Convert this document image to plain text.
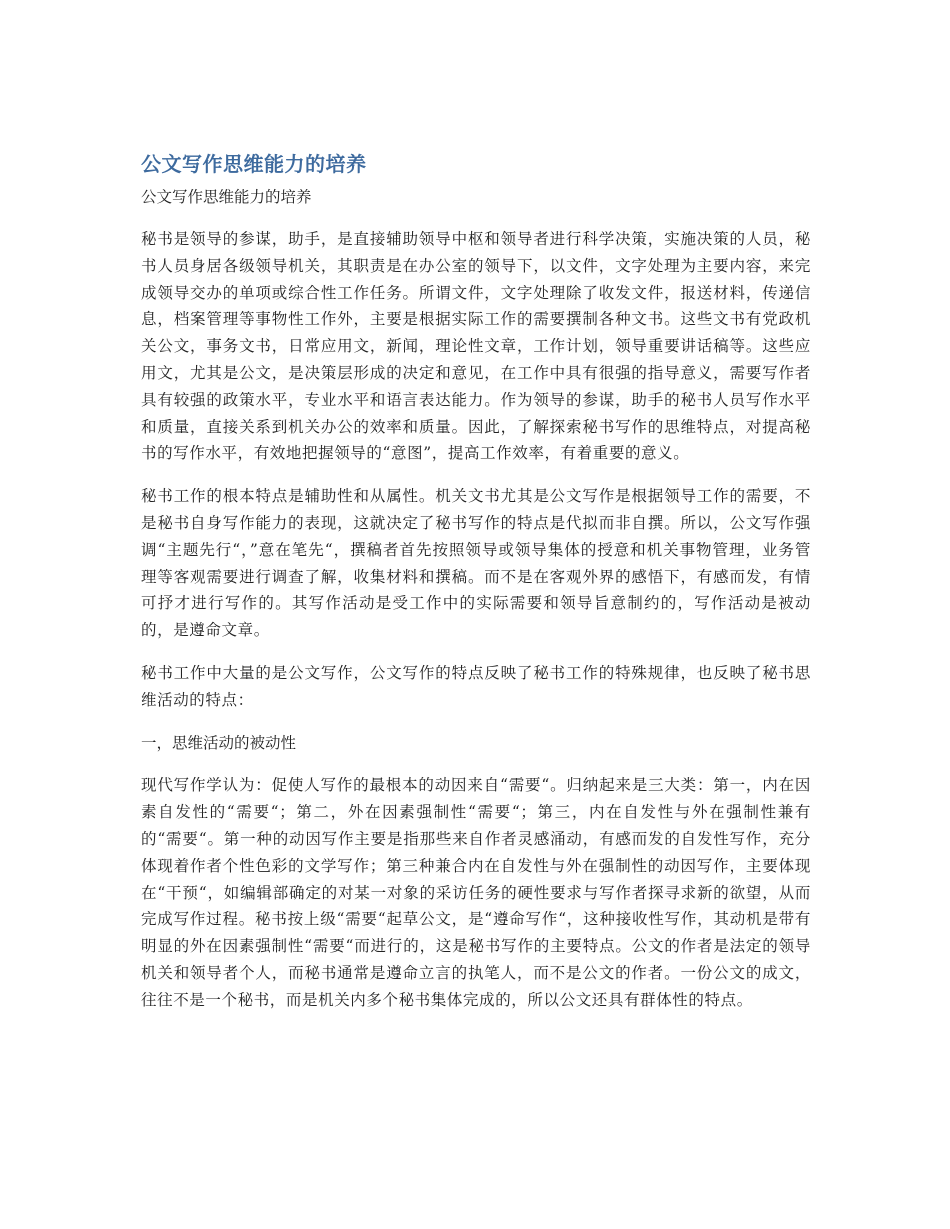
公文写作思维能力的培养

公文写作思维能力的培养

秘书是领导的参谋，助手，是直接辅助领导中枢和领导者进行科学决策，实施决策的人员，秘书人员身居各级领导机关，其职责是在办公室的领导下，以文件，文字处理为主要内容，来完成领导交办的单项或综合性工作任务。所谓文件，文字处理除了收发文件，报送材料，传递信息，档案管理等事物性工作外，主要是根据实际工作的需要撰制各种文书。这些文书有党政机关公文，事务文书，日常应用文，新闻，理论性文章，工作计划，领导重要讲话稿等。这些应用文，尤其是公文，是决策层形成的决定和意见，在工作中具有很强的指导意义，需要写作者具有较强的政策水平，专业水平和语言表达能力。作为领导的参谋，助手的秘书人员写作水平和质量，直接关系到机关办公的效率和质量。因此，了解探索秘书写作的思维特点，对提高秘书的写作水平，有效地把握领导的“意图”，提高工作效率，有着重要的意义。

秘书工作的根本特点是辅助性和从属性。机关文书尤其是公文写作是根据领导工作的需要，不是秘书自身写作能力的表现，这就决定了秘书写作的特点是代拟而非自撰。所以，公文写作强调“主题先行“，”意在笔先“，撰稿者首先按照领导或领导集体的授意和机关事物管理，业务管理等客观需要进行调查了解，收集材料和撰稿。而不是在客观外界的感悟下，有感而发，有情可抒才进行写作的。其写作活动是受工作中的实际需要和领导旨意制约的，写作活动是被动的，是遵命文章。

秘书工作中大量的是公文写作，公文写作的特点反映了秘书工作的特殊规律，也反映了秘书思维活动的特点：

一，思维活动的被动性

现代写作学认为：促使人写作的最根本的动因来自“需要“。归纳起来是三大类：第一，内在因素自发性的“需要“；第二，外在因素强制性“需要“；第三，内在自发性与外在强制性兼有的“需要“。第一种的动因写作主要是指那些来自作者灵感涌动，有感而发的自发性写作，充分体现着作者个性色彩的文学写作；第三种兼合内在自发性与外在强制性的动因写作，主要体现在“干预“，如编辑部确定的对某一对象的采访任务的硬性要求与写作者探寻求新的欲望，从而完成写作过程。秘书按上级“需要“起草公文，是“遵命写作“，这种接收性写作，其动机是带有明显的外在因素强制性“需要“而进行的，这是秘书写作的主要特点。公文的作者是法定的领导机关和领导者个人，而秘书通常是遵命立言的执笔人，而不是公文的作者。一份公文的成文，往往不是一个秘书，而是机关内多个秘书集体完成的，所以公文还具有群体性的特点。
